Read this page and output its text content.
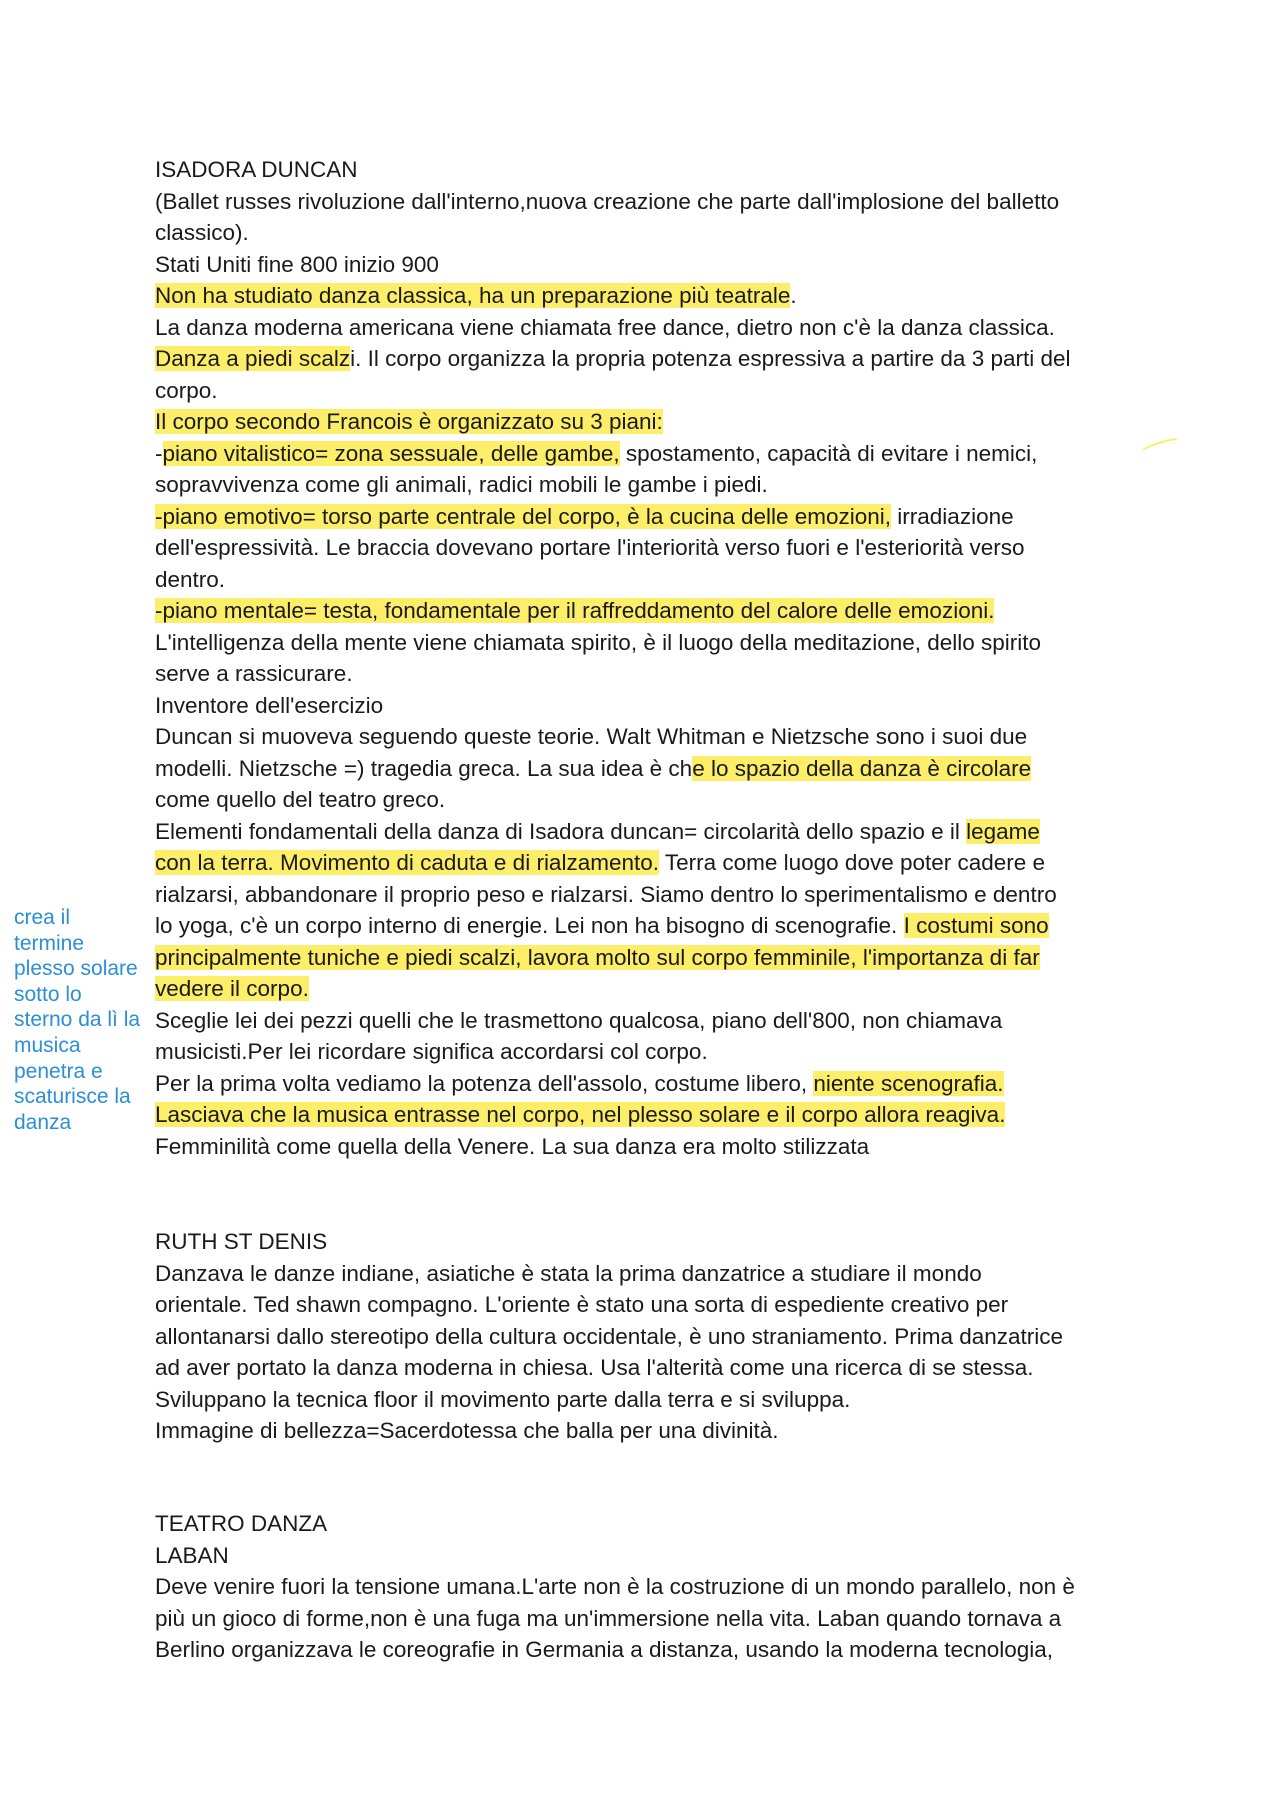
ISADORA DUNCAN
(Ballet russes rivoluzione dall'interno,nuova creazione che parte dall'implosione del balletto
classico).
Stati Uniti fine 800 inizio 900
Non ha studiato danza classica, ha un preparazione più teatrale.
La danza moderna americana viene chiamata free dance, dietro non c'è la danza classica.
Danza a piedi scalzi. Il corpo organizza la propria potenza espressiva a partire da 3 parti del
corpo.
Il corpo secondo Francois è organizzato su 3 piani:
-piano vitalistico= zona sessuale, delle gambe, spostamento, capacità di evitare i nemici,
sopravvivenza come gli animali, radici mobili le gambe i piedi.
-piano emotivo= torso parte centrale del corpo, è la cucina delle emozioni, irradiazione
dell'espressività. Le braccia dovevano portare l'interiorità verso fuori e l'esteriorità verso
dentro.
-piano mentale= testa, fondamentale per il raffreddamento del calore delle emozioni.
L'intelligenza della mente viene chiamata spirito, è il luogo della meditazione, dello spirito
serve a rassicurare.
Inventore dell'esercizio
Duncan si muoveva seguendo queste teorie. Walt Whitman e Nietzsche sono i suoi due
modelli. Nietzsche =) tragedia greca. La sua idea è che lo spazio della danza è circolare
come quello del teatro greco.
Elementi fondamentali della danza di Isadora duncan= circolarità dello spazio e il legame
con la terra. Movimento di caduta e di rialzamento. Terra come luogo dove poter cadere e
rialzarsi, abbandonare il proprio peso e rialzarsi. Siamo dentro lo sperimentalismo e dentro
lo yoga, c'è un corpo interno di energie. Lei non ha bisogno di scenografie. I costumi sono
principalmente tuniche e piedi scalzi, lavora molto sul corpo femminile, l'importanza di far
vedere il corpo.
Sceglie lei dei pezzi quelli che le trasmettono qualcosa, piano dell'800, non chiamava
musicisti.Per lei ricordare significa accordarsi col corpo.
Per la prima volta vediamo la potenza dell'assolo, costume libero, niente scenografia.
Lasciava che la musica entrasse nel corpo, nel plesso solare e il corpo allora reagiva.
Femminilità come quella della Venere. La sua danza era molto stilizzata
RUTH ST DENIS
Danzava le danze indiane, asiatiche è stata la prima danzatrice a studiare il mondo
orientale. Ted shawn compagno. L'oriente è stato una sorta di espediente creativo per
allontanarsi dallo stereotipo della cultura occidentale, è uno straniamento. Prima danzatrice
ad aver portato la danza moderna in chiesa. Usa l'alterità come una ricerca di se stessa.
Sviluppano la tecnica floor il movimento parte dalla terra e si sviluppa.
Immagine di bellezza=Sacerdotessa che balla per una divinità.
TEATRO DANZA
LABAN
Deve venire fuori la tensione umana.L'arte non è la costruzione di un mondo parallelo, non è
più un gioco di forme,non è una fuga ma un'immersione nella vita. Laban quando tornava a
Berlino organizzava le coreografie in Germania a distanza, usando la moderna tecnologia,
crea il
termine
plesso solare
sotto lo
sterno da lì la
musica
penetra e
scaturisce la
danza
